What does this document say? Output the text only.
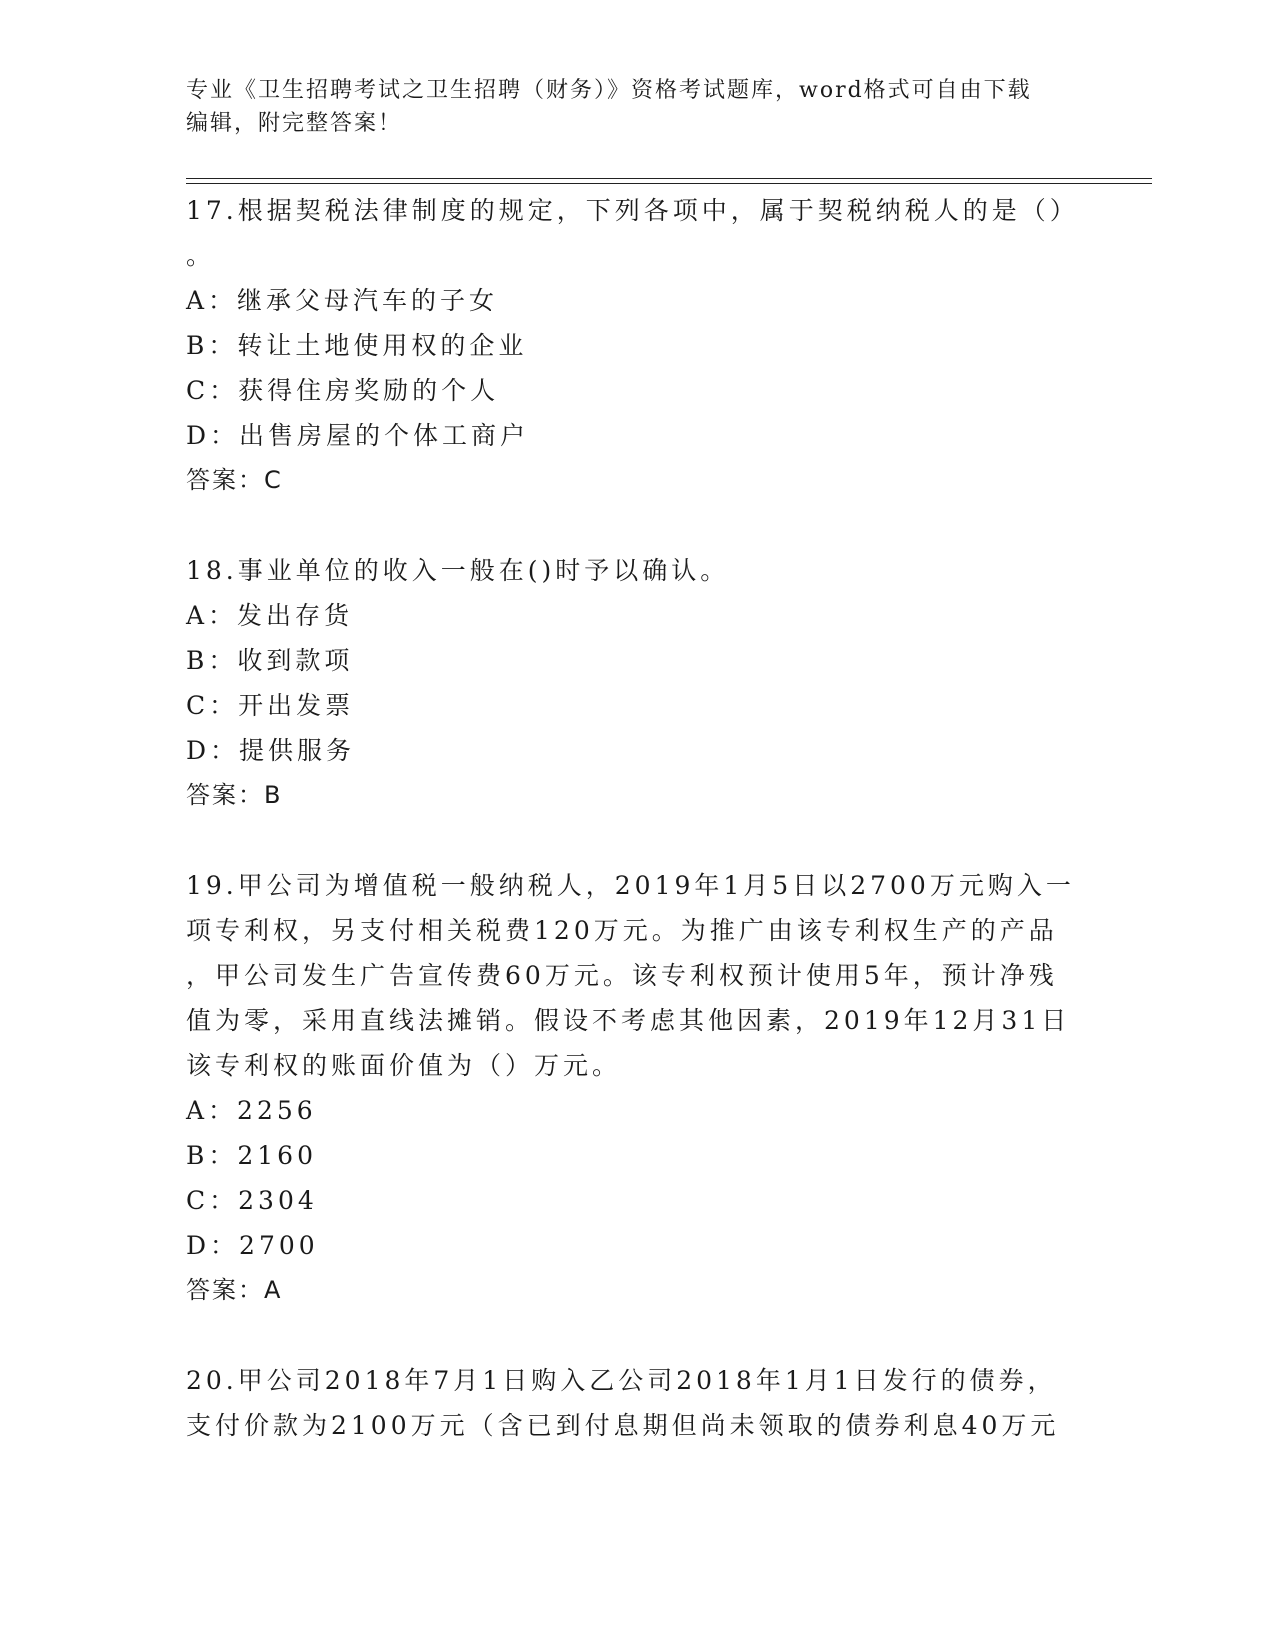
专业《卫生招聘考试之卫生招聘（财务）》资格考试题库，word格式可自由下载
编辑，附完整答案！
17.根据契税法律制度的规定，下列各项中，属于契税纳税人的是（）
。
A：继承父母汽车的子女
B：转让土地使用权的企业
C：获得住房奖励的个人
D：出售房屋的个体工商户
答案：C
18.事业单位的收入一般在()时予以确认。
A：发出存货
B：收到款项
C：开出发票
D：提供服务
答案：B
19.甲公司为增值税一般纳税人，2019年1月5日以2700万元购入一
项专利权，另支付相关税费120万元。为推广由该专利权生产的产品
，甲公司发生广告宣传费60万元。该专利权预计使用5年，预计净残
值为零，采用直线法摊销。假设不考虑其他因素，2019年12月31日
该专利权的账面价值为（）万元。
A：2256
B：2160
C：2304
D：2700
答案：A
20.甲公司2018年7月1日购入乙公司2018年1月1日发行的债券，
支付价款为2100万元（含已到付息期但尚未领取的债券利息40万元
